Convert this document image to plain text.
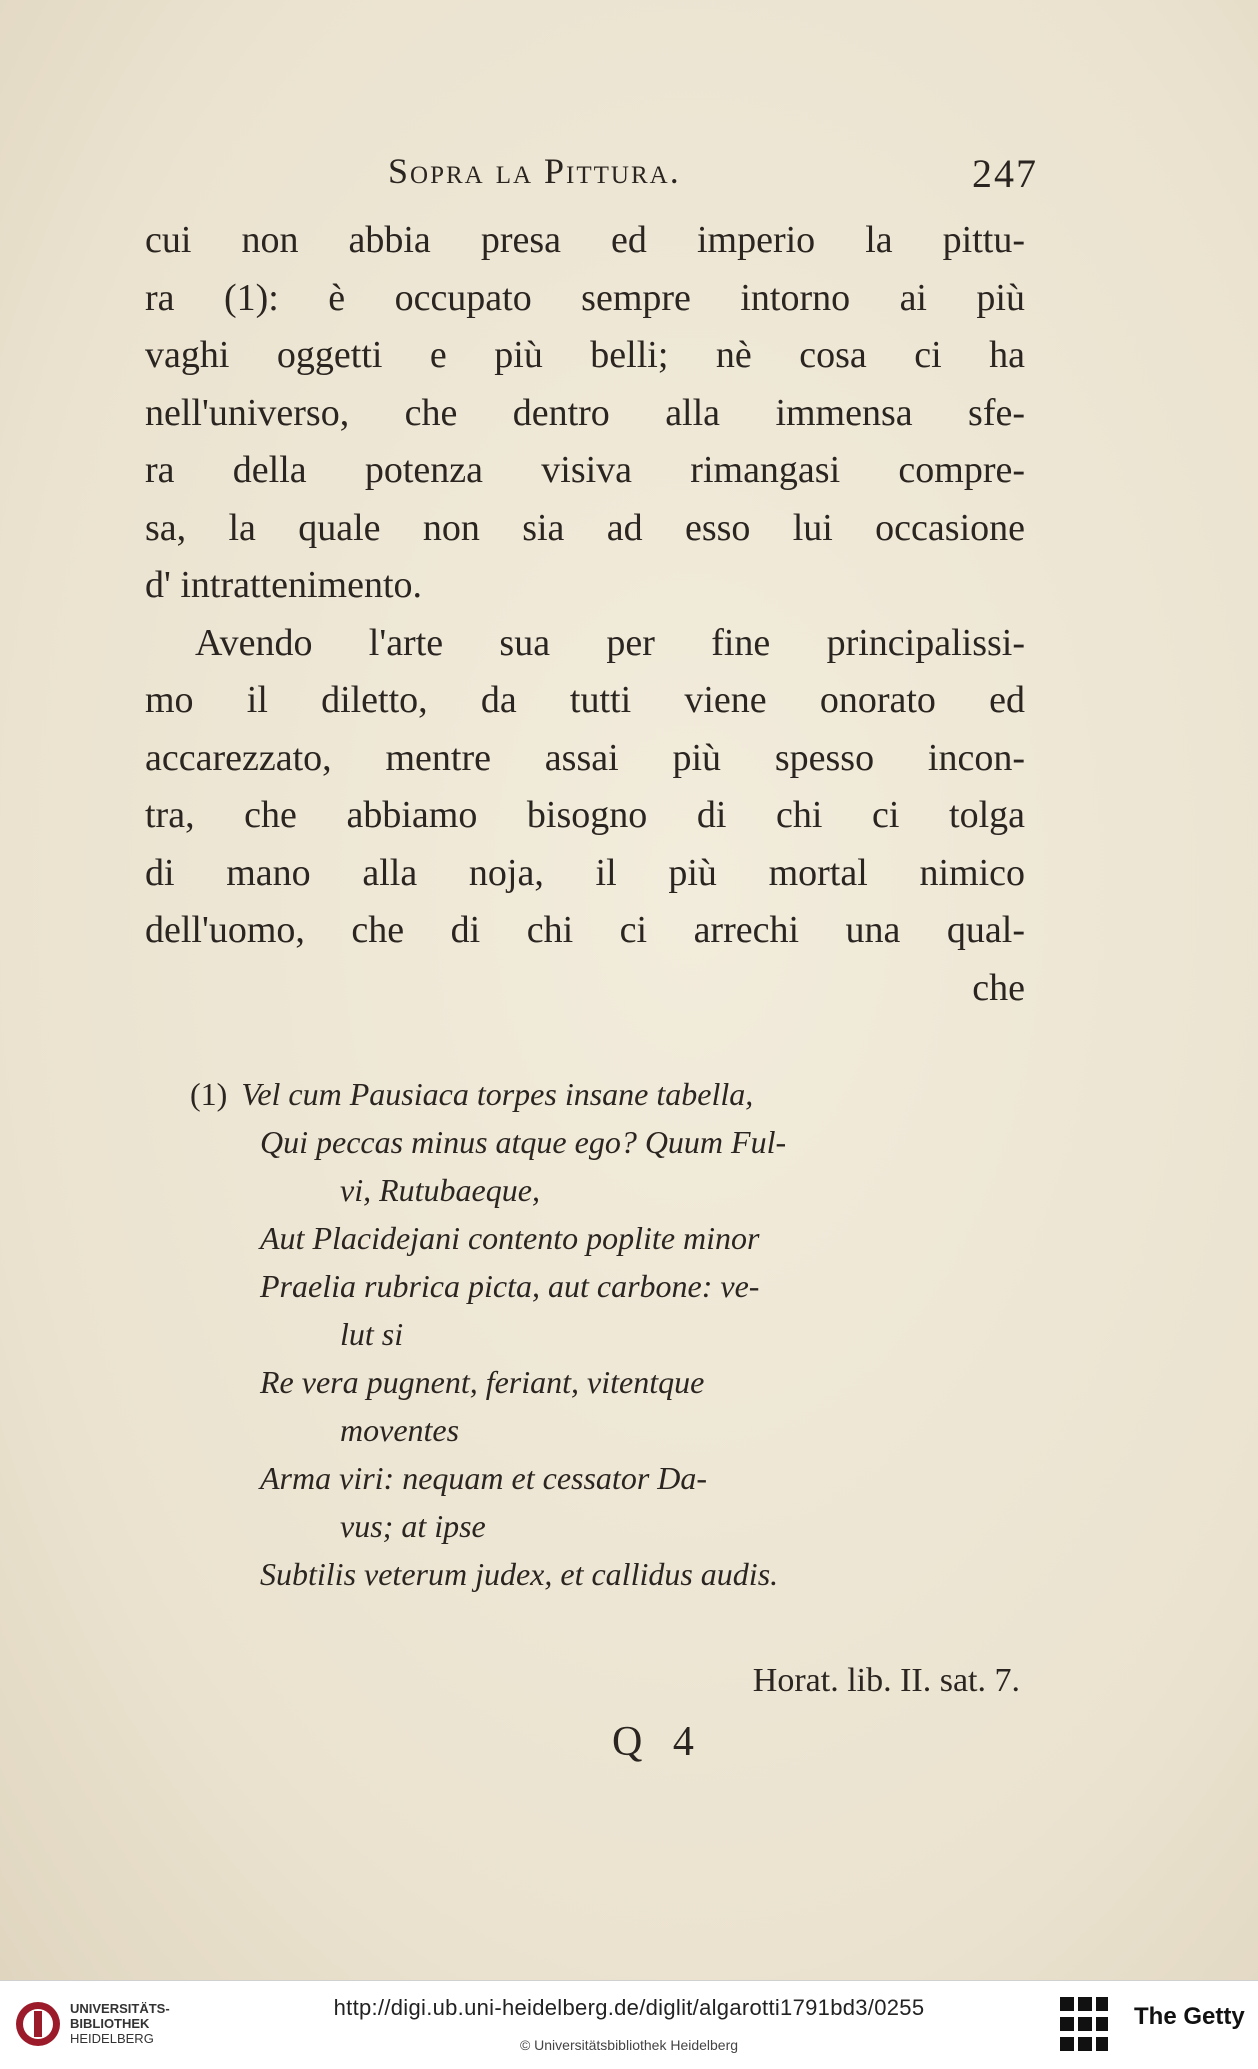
Sopra la Pittura.	247
cui non abbia presa ed imperio la pittu-
ra (1): è occupato sempre intorno ai più
vaghi oggetti e più belli; nè cosa ci ha
nell'universo, che dentro alla immensa sfe-
ra della potenza visiva rimangasi compre-
sa, la quale non sia ad esso lui occasione
d' intrattenimento.
Avendo l'arte sua per fine principalissi-
mo il diletto, da tutti viene onorato ed
accarezzato, mentre assai più spesso incon-
tra, che abbiamo bisogno di chi ci tolga
di mano alla noja, il più mortal nimico
dell'uomo, che di chi ci arrechi una qual-
che
(1) Vel cum Pausiaca torpes insane tabella,
Qui peccas minus atque ego? Quum Ful-
vi, Rutubaeque,
Aut Placidejani contento poplite minor
Praelia rubrica picta, aut carbone: ve-
lut si
Re vera pugnent, feriant, vitentque
moventes
Arma viri: nequam et cessator Da-
vus; at ipse
Subtilis veterum judex, et callidus audis.
Horat. lib. II. sat. 7.
Q 4
UNIVERSITÄTS-
BIBLIOTHEK
HEIDELBERG
http://digi.ub.uni-heidelberg.de/diglit/algarotti1791bd3/0255
© Universitätsbibliothek Heidelberg
The Getty
